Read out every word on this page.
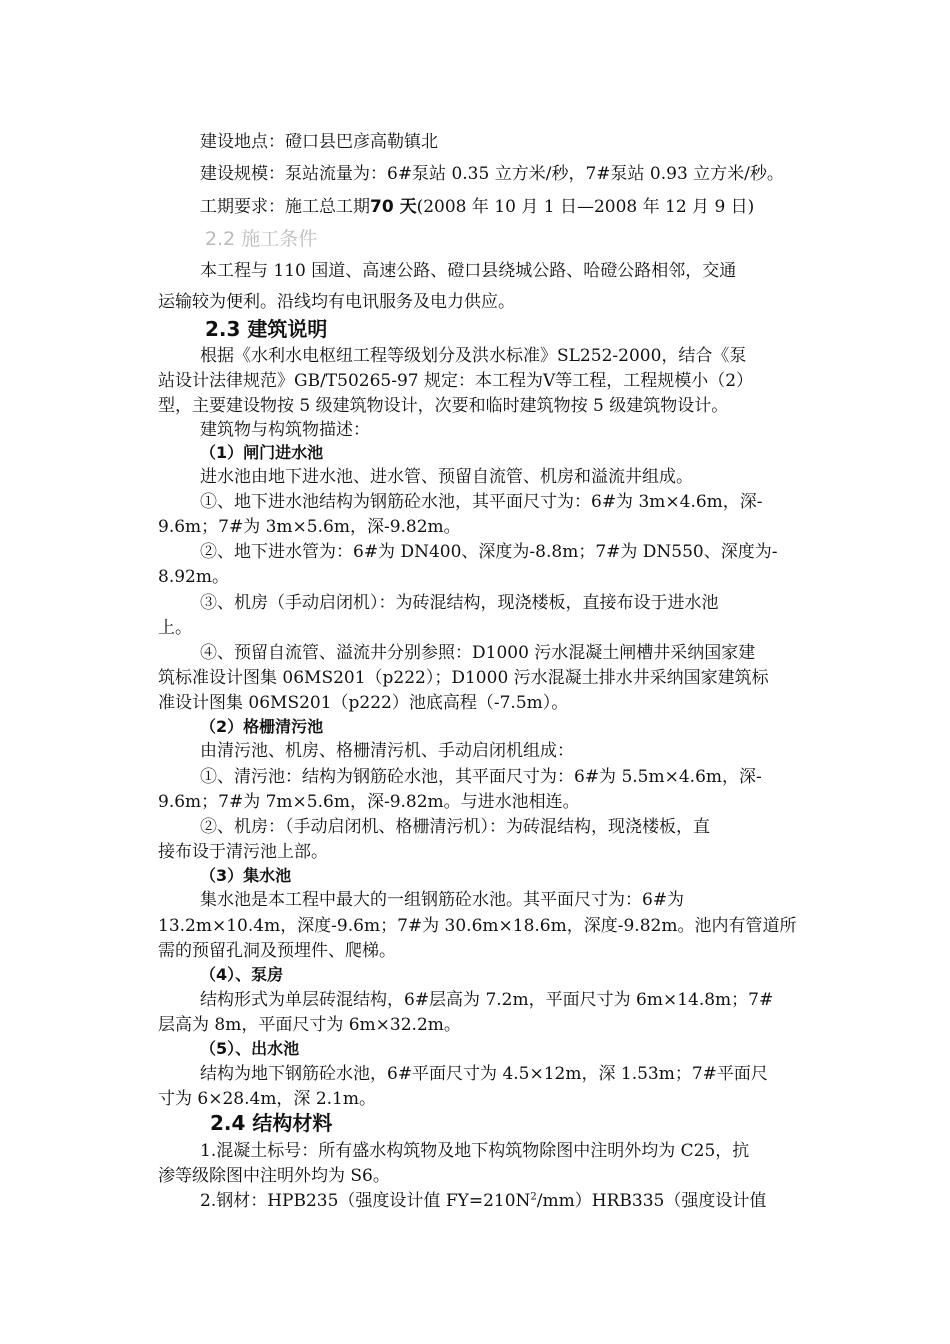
建设地点：磴口县巴彦高勒镇北
建设规模：泵站流量为：6#泵站 0.35 立方米/秒，7#泵站 0.93 立方米/秒。
工期要求：施工总工期70 天(2008 年 10 月 1 日—2008 年 12 月 9 日)
2.2 施工条件
本工程与 110 国道、高速公路、磴口县绕城公路、哈磴公路相邻，交通
运输较为便利。沿线均有电讯服务及电力供应。
2.3 建筑说明
根据《水利水电枢纽工程等级划分及洪水标准》SL252-2000，结合《泵
站设计法律规范》GB/T50265-97 规定：本工程为Ⅴ等工程，工程规模小（2）
型，主要建设物按 5 级建筑物设计，次要和临时建筑物按 5 级建筑物设计。
建筑物与构筑物描述：
（1）闸门进水池
进水池由地下进水池、进水管、预留自流管、机房和溢流井组成。
①、地下进水池结构为钢筋砼水池，其平面尺寸为：6#为 3m×4.6m，深-
9.6m；7#为 3m×5.6m，深-9.82m。
②、地下进水管为：6#为 DN400、深度为-8.8m；7#为 DN550、深度为-
8.92m。
③、机房（手动启闭机）：为砖混结构，现浇楼板，直接布设于进水池
上。
④、预留自流管、溢流井分别参照：D1000 污水混凝土闸槽井采纳国家建
筑标准设计图集 06MS201（p222）；D1000 污水混凝土排水井采纳国家建筑标
准设计图集 06MS201（p222）池底高程（-7.5m）。
（2）格栅清污池
由清污池、机房、格栅清污机、手动启闭机组成：
①、清污池：结构为钢筋砼水池，其平面尺寸为：6#为 5.5m×4.6m，深-
9.6m；7#为 7m×5.6m，深-9.82m。与进水池相连。
②、机房：（手动启闭机、格栅清污机）：为砖混结构，现浇楼板，直
接布设于清污池上部。
（3）集水池
集水池是本工程中最大的一组钢筋砼水池。其平面尺寸为：6#为
13.2m×10.4m，深度-9.6m；7#为 30.6m×18.6m，深度-9.82m。池内有管道所
需的预留孔洞及预埋件、爬梯。
（4）、泵房
结构形式为单层砖混结构，6#层高为 7.2m，平面尺寸为 6m×14.8m；7#
层高为 8m，平面尺寸为 6m×32.2m。
（5）、出水池
结构为地下钢筋砼水池，6#平面尺寸为 4.5×12m，深 1.53m；7#平面尺
寸为 6×28.4m，深 2.1m。
2.4 结构材料
1.混凝土标号：所有盛水构筑物及地下构筑物除图中注明外均为 C25，抗
渗等级除图中注明外均为 S6。
2.钢材：HPB235（强度设计值 $FY=210N^2/mm)HRB335$（强度设计值
